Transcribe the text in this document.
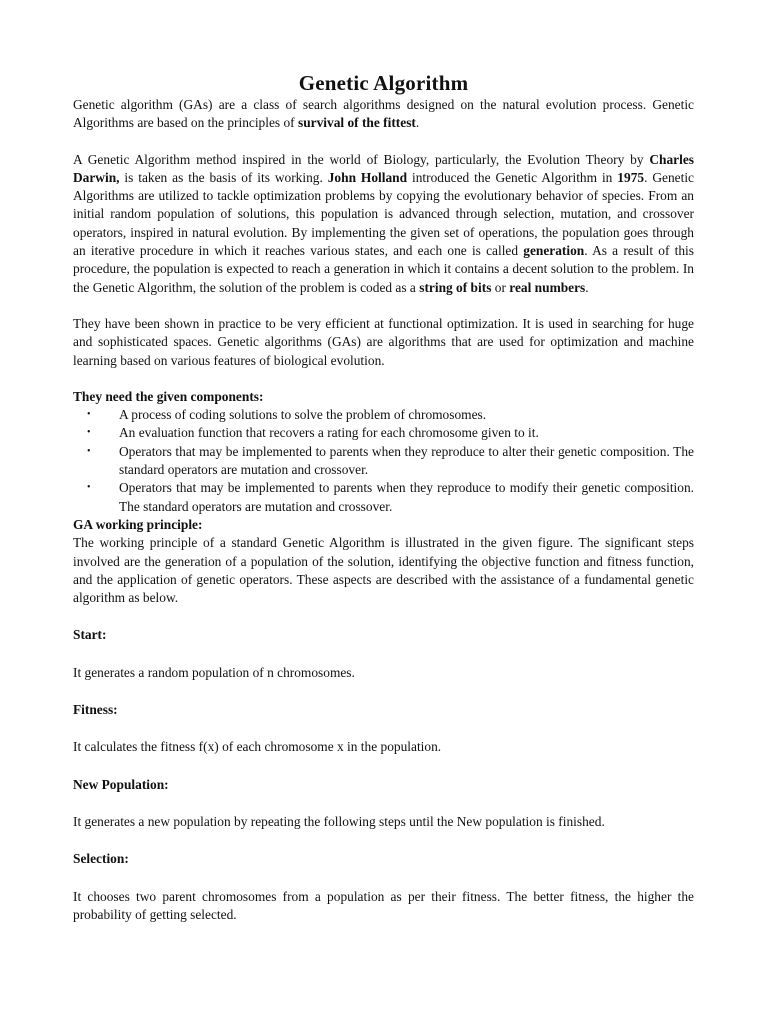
Genetic Algorithm

Genetic algorithm (GAs) are a class of search algorithms designed on the natural evolution process. Genetic Algorithms are based on the principles of survival of the fittest.

A Genetic Algorithm method inspired in the world of Biology, particularly, the Evolution Theory by Charles Darwin, is taken as the basis of its working. John Holland introduced the Genetic Algorithm in 1975. Genetic Algorithms are utilized to tackle optimization problems by copying the evolutionary behavior of species. From an initial random population of solutions, this population is advanced through selection, mutation, and crossover operators, inspired in natural evolution. By implementing the given set of operations, the population goes through an iterative procedure in which it reaches various states, and each one is called generation. As a result of this procedure, the population is expected to reach a generation in which it contains a decent solution to the problem. In the Genetic Algorithm, the solution of the problem is coded as a string of bits or real numbers.

They have been shown in practice to be very efficient at functional optimization. It is used in searching for huge and sophisticated spaces. Genetic algorithms (GAs) are algorithms that are used for optimization and machine learning based on various features of biological evolution.

They need the given components:
• A process of coding solutions to solve the problem of chromosomes.
• An evaluation function that recovers a rating for each chromosome given to it.
• Operators that may be implemented to parents when they reproduce to alter their genetic composition. The standard operators are mutation and crossover.
• Operators that may be implemented to parents when they reproduce to modify their genetic composition. The standard operators are mutation and crossover.
GA working principle:

The working principle of a standard Genetic Algorithm is illustrated in the given figure. The significant steps involved are the generation of a population of the solution, identifying the objective function and fitness function, and the application of genetic operators. These aspects are described with the assistance of a fundamental genetic algorithm as below.

Start:

It generates a random population of n chromosomes.

Fitness:

It calculates the fitness f(x) of each chromosome x in the population.

New Population:

It generates a new population by repeating the following steps until the New population is finished.

Selection:

It chooses two parent chromosomes from a population as per their fitness. The better fitness, the higher the probability of getting selected.
